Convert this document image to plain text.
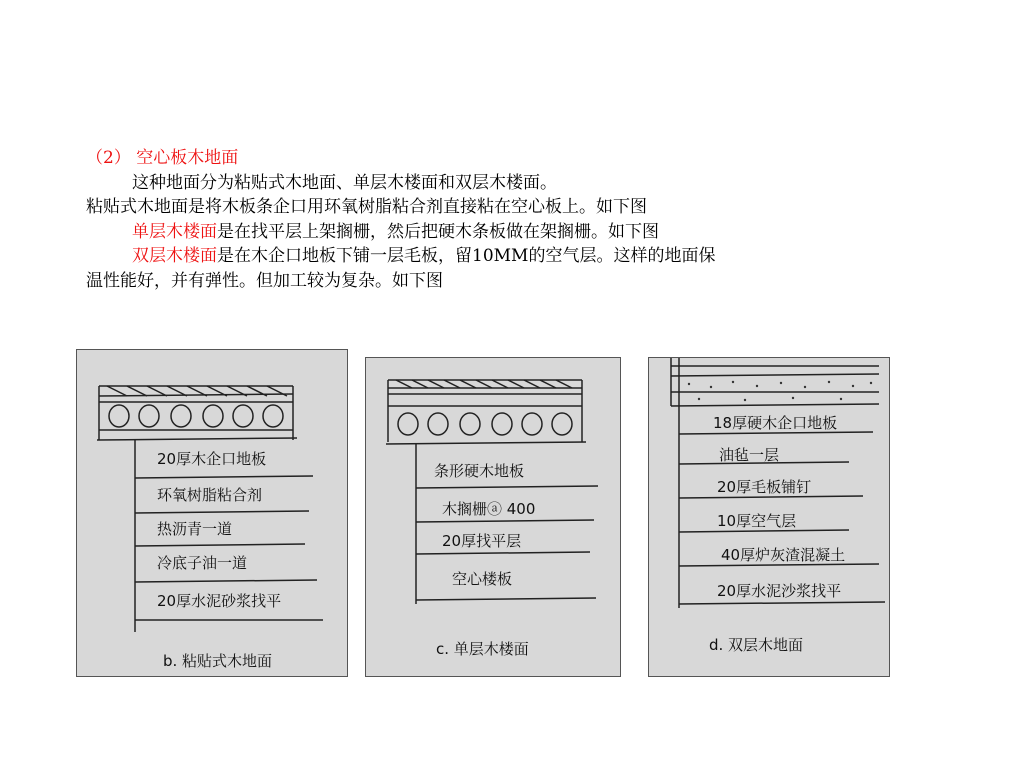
（2） 空心板木地面

这种地面分为粘贴式木地面、单层木楼面和双层木楼面。

粘贴式木地面是将木板条企口用环氧树脂粘合剂直接粘在空心板上。如下图

单层木楼面是在找平层上架搁栅，然后把硬木条板做在架搁栅。如下图

双层木楼面是在木企口地板下铺一层毛板，留10MM的空气层。这样的地面保

温性能好，并有弹性。但加工较为复杂。如下图

20厚木企口地板
环氧树脂粘合剂
热沥青一道
冷底子油一道
20厚水泥砂浆找平
b. 粘贴式木地面
条形硬木地板
木搁栅ⓐ 400
20厚找平层
空心楼板
c. 单层木楼面
18厚硬木企口地板
油毡一层
20厚毛板铺钉
10厚空气层
40厚炉灰渣混凝土
20厚水泥沙浆找平
d. 双层木地面
